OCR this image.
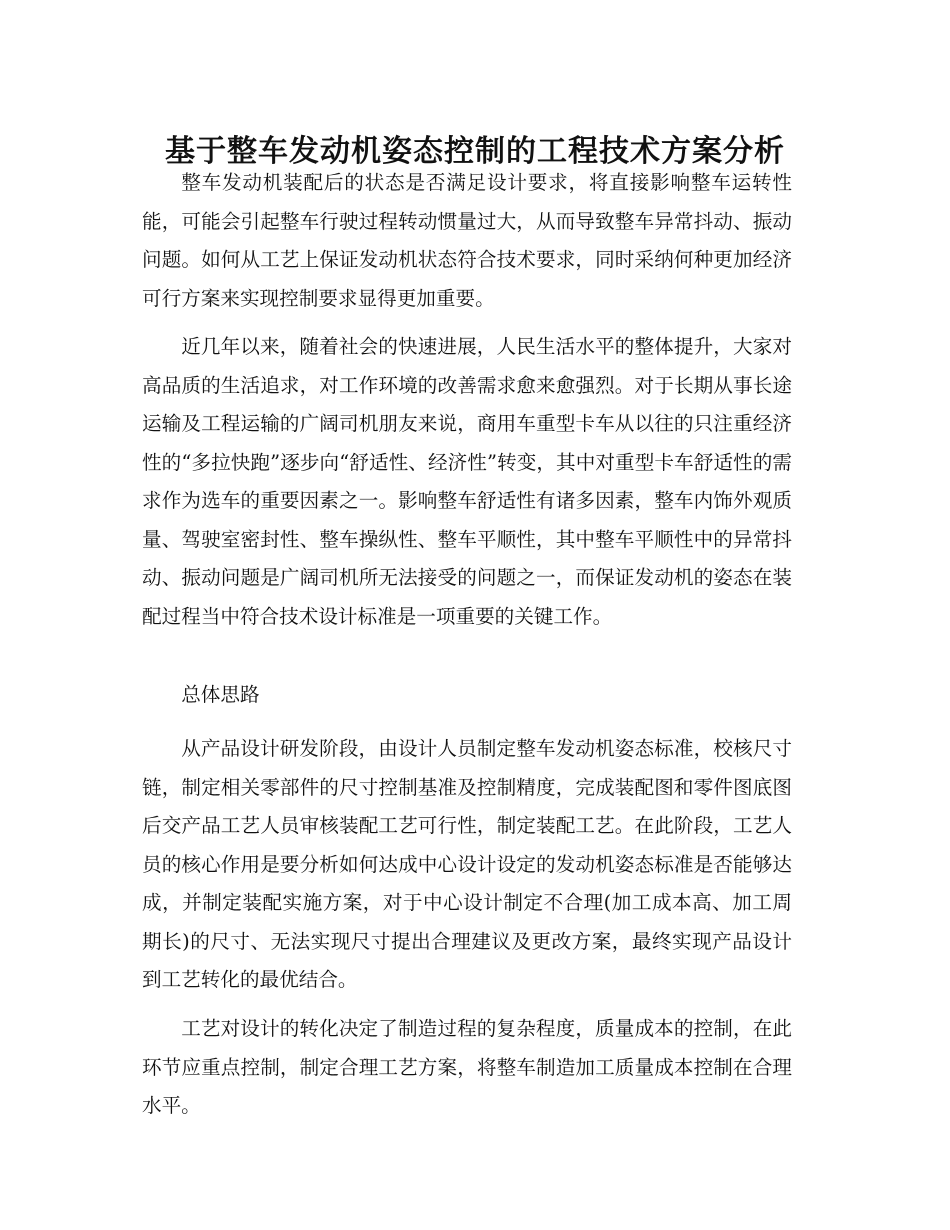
基于整车发动机姿态控制的工程技术方案分析

整车发动机装配后的状态是否满足设计要求，将直接影响整车运转性能，可能会引起整车行驶过程转动惯量过大，从而导致整车异常抖动、振动问题。如何从工艺上保证发动机状态符合技术要求，同时采纳何种更加经济可行方案来实现控制要求显得更加重要。

近几年以来，随着社会的快速进展，人民生活水平的整体提升，大家对高品质的生活追求，对工作环境的改善需求愈来愈强烈。对于长期从事长途运输及工程运输的广阔司机朋友来说，商用车重型卡车从以往的只注重经济性的“多拉快跑”逐步向“舒适性、经济性”转变，其中对重型卡车舒适性的需求作为选车的重要因素之一。影响整车舒适性有诸多因素，整车内饰外观质量、驾驶室密封性、整车操纵性、整车平顺性，其中整车平顺性中的异常抖动、振动问题是广阔司机所无法接受的问题之一，而保证发动机的姿态在装配过程当中符合技术设计标准是一项重要的关键工作。

总体思路

从产品设计研发阶段，由设计人员制定整车发动机姿态标准，校核尺寸链，制定相关零部件的尺寸控制基准及控制精度，完成装配图和零件图底图后交产品工艺人员审核装配工艺可行性，制定装配工艺。在此阶段，工艺人员的核心作用是要分析如何达成中心设计设定的发动机姿态标准是否能够达成，并制定装配实施方案，对于中心设计制定不合理(加工成本高、加工周期长)的尺寸、无法实现尺寸提出合理建议及更改方案，最终实现产品设计到工艺转化的最优结合。

工艺对设计的转化决定了制造过程的复杂程度，质量成本的控制，在此环节应重点控制，制定合理工艺方案，将整车制造加工质量成本控制在合理水平。
